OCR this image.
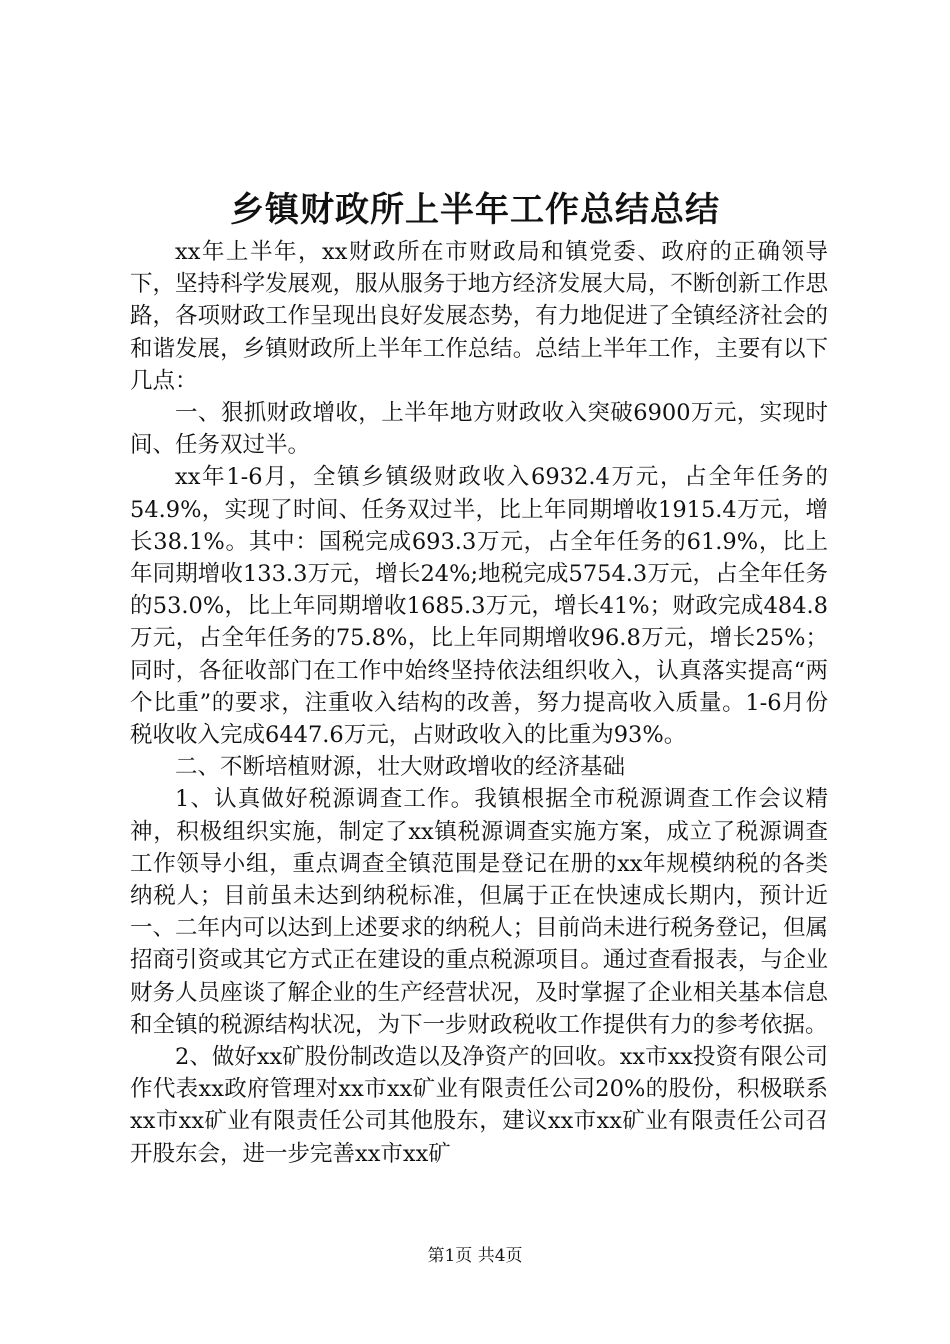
乡镇财政所上半年工作总结总结

xx年上半年，xx财政所在市财政局和镇党委、政府的正确领导下，坚持科学发展观，服从服务于地方经济发展大局，不断创新工作思路，各项财政工作呈现出良好发展态势，有力地促进了全镇经济社会的和谐发展，乡镇财政所上半年工作总结。总结上半年工作，主要有以下几点：

一、狠抓财政增收，上半年地方财政收入突破6900万元，实现时间、任务双过半。

xx年1-6月，全镇乡镇级财政收入6932.4万元，占全年任务的54.9%，实现了时间、任务双过半，比上年同期增收1915.4万元，增长38.1%。其中：国税完成693.3万元，占全年任务的61.9%，比上年同期增收133.3万元，增长24%;地税完成5754.3万元，占全年任务的53.0%，比上年同期增收1685.3万元，增长41%；财政完成484.8万元，占全年任务的75.8%，比上年同期增收96.8万元，增长25%；同时，各征收部门在工作中始终坚持依法组织收入，认真落实提高“两个比重”的要求，注重收入结构的改善，努力提高收入质量。1-6月份税收收入完成6447.6万元，占财政收入的比重为93%。

二、不断培植财源，壮大财政增收的经济基础

1、认真做好税源调查工作。我镇根据全市税源调查工作会议精神，积极组织实施，制定了xx镇税源调查实施方案，成立了税源调查工作领导小组，重点调查全镇范围是登记在册的xx年规模纳税的各类纳税人；目前虽未达到纳税标准，但属于正在快速成长期内，预计近一、二年内可以达到上述要求的纳税人；目前尚未进行税务登记，但属招商引资或其它方式正在建设的重点税源项目。通过查看报表，与企业财务人员座谈了解企业的生产经营状况，及时掌握了企业相关基本信息和全镇的税源结构状况，为下一步财政税收工作提供有力的参考依据。

2、做好xx矿股份制改造以及净资产的回收。xx市xx投资有限公司作代表xx政府管理对xx市xx矿业有限责任公司20%的股份，积极联系xx市xx矿业有限责任公司其他股东，建议xx市xx矿业有限责任公司召开股东会，进一步完善xx市xx矿

第1页 共4页
